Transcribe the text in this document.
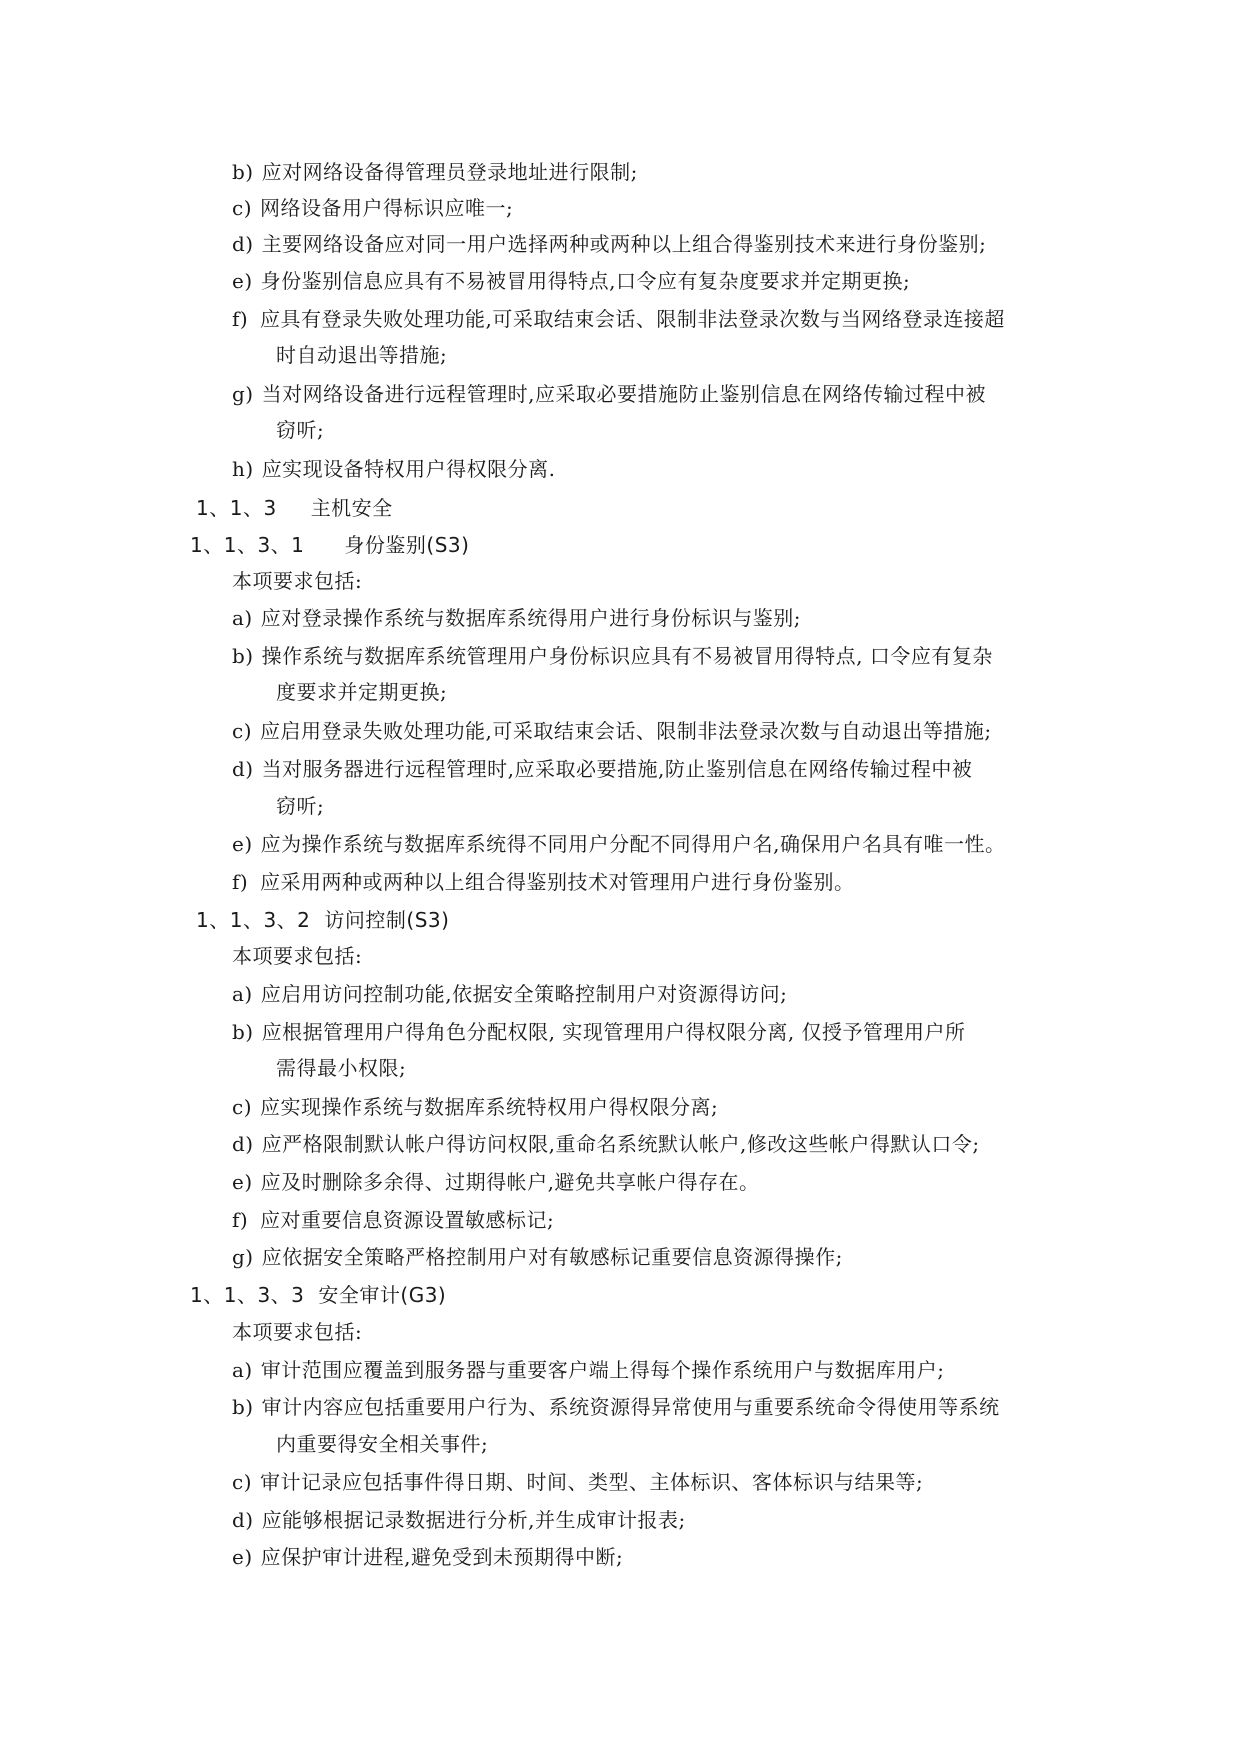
b) 应对网络设备得管理员登录地址进行限制;
c) 网络设备用户得标识应唯一;
d) 主要网络设备应对同一用户选择两种或两种以上组合得鉴别技术来进行身份鉴别;
e) 身份鉴别信息应具有不易被冒用得特点,口令应有复杂度要求并定期更换;
f) 应具有登录失败处理功能,可采取结束会话、限制非法登录次数与当网络登录连接超
时自动退出等措施;
g) 当对网络设备进行远程管理时,应采取必要措施防止鉴别信息在网络传输过程中被
窃听;
h) 应实现设备特权用户得权限分离.
1、1、3 主机安全
1、1、3、1 身份鉴别(S3)
本项要求包括:
a) 应对登录操作系统与数据库系统得用户进行身份标识与鉴别;
b) 操作系统与数据库系统管理用户身份标识应具有不易被冒用得特点, 口令应有复杂
度要求并定期更换;
c) 应启用登录失败处理功能,可采取结束会话、限制非法登录次数与自动退出等措施;
d) 当对服务器进行远程管理时,应采取必要措施,防止鉴别信息在网络传输过程中被
窃听;
e) 应为操作系统与数据库系统得不同用户分配不同得用户名,确保用户名具有唯一性。
f) 应采用两种或两种以上组合得鉴别技术对管理用户进行身份鉴别。
1、1、3、2 访问控制(S3)
本项要求包括:
a) 应启用访问控制功能,依据安全策略控制用户对资源得访问;
b) 应根据管理用户得角色分配权限, 实现管理用户得权限分离, 仅授予管理用户所
需得最小权限;
c) 应实现操作系统与数据库系统特权用户得权限分离;
d) 应严格限制默认帐户得访问权限,重命名系统默认帐户,修改这些帐户得默认口令;
e) 应及时删除多余得、过期得帐户,避免共享帐户得存在。
f) 应对重要信息资源设置敏感标记;
g) 应依据安全策略严格控制用户对有敏感标记重要信息资源得操作;
1、1、3、3 安全审计(G3)
本项要求包括:
a) 审计范围应覆盖到服务器与重要客户端上得每个操作系统用户与数据库用户;
b) 审计内容应包括重要用户行为、系统资源得异常使用与重要系统命令得使用等系统
内重要得安全相关事件;
c) 审计记录应包括事件得日期、时间、类型、主体标识、客体标识与结果等;
d) 应能够根据记录数据进行分析,并生成审计报表;
e) 应保护审计进程,避免受到未预期得中断;
